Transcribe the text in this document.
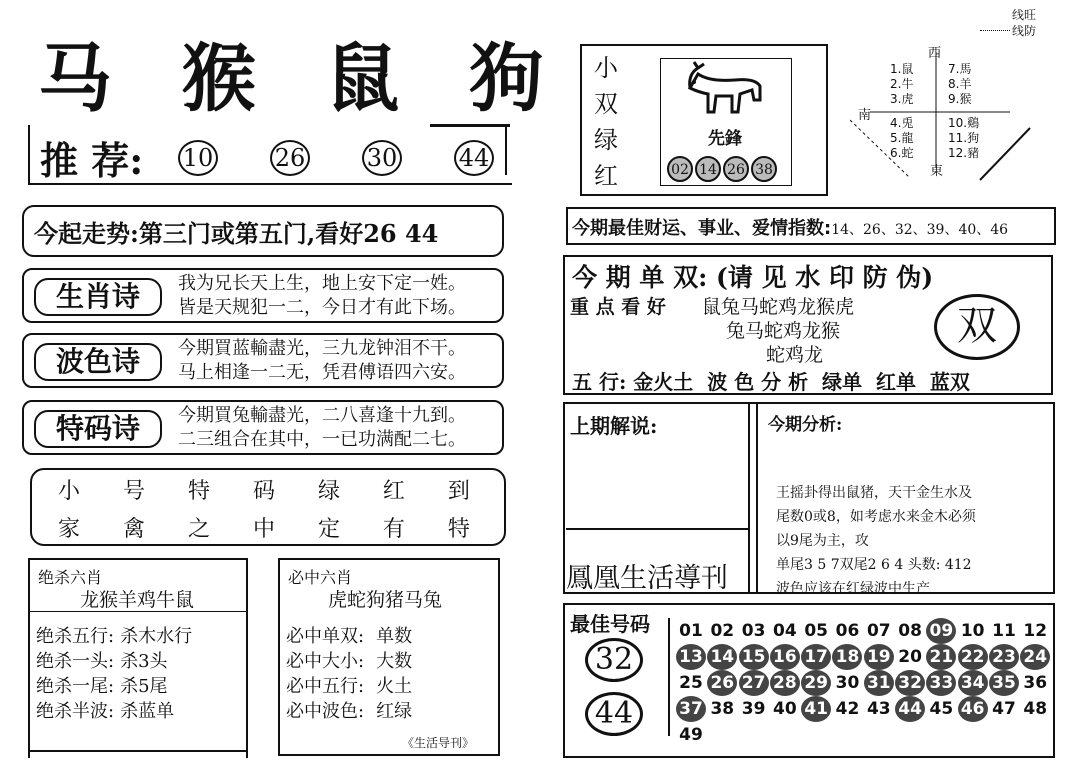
马 猴 鼠 狗
推 荐: 10	26	30	44
今起走势:第三门或第五门,看好26 44
生肖诗	我为兄长天上生，地上安下定一姓。
皆是天规犯一二，今日才有此下场。
波色诗	今期買蓝輸盡光，三九龙钟泪不干。
马上相逢一二无，凭君傅语四六安。
特码诗	今期買兔輸盡光，二八喜逢十九到。
二三组合在其中，一已功满配二七。
小 号 特 码 绿 红 到
家 禽 之 中 定 有 特
绝杀六肖
龙猴羊鸡牛鼠
绝杀五行: 杀木水行
绝杀一头: 杀3头
绝杀一尾: 杀5尾
绝杀半波: 杀蓝单
必中六肖
虎蛇狗猪马兔
必中单双: 单数
必中大小: 大数
必中五行: 火土
必中波色: 红绿
《生活导刊》
线旺
线防
小
双
绿
红
先鋒
02 14 26 38
西
南
東
1.鼠
2.牛
3.虎
4.兎
5.龍
6.蛇
7.馬
8.羊
9.猴
10.鷄
11.狗
12.豬
今期最佳财运、事业、爱情指数:14、26、32、39、40、46
今 期 单 双: (请 见 水 印 防 伪)
重 点 看 好 鼠兔马蛇鸡龙猴虎
兔马蛇鸡龙猴
蛇鸡龙
双
五 行: 金火土  波 色 分 析  绿单  红单  蓝双
上期解说:
鳳凰生活導刊
今期分析:
王摇卦得出鼠猪，天干金生水及
尾数0或8，如考虑水来金木必须
以9尾为主，攻
单尾3 5 7双尾2 6 4 头数: 412
波色应该在红绿波中生产
最佳号码
32
44
01 02 03 04 05 06 07 08 09 10 11 12
13 14 15 16 17 18 19 20 21 22 23 24
25 26 27 28 29 30 31 32 33 34 35 36
37 38 39 40 41 42 43 44 45 46 47 48
49
